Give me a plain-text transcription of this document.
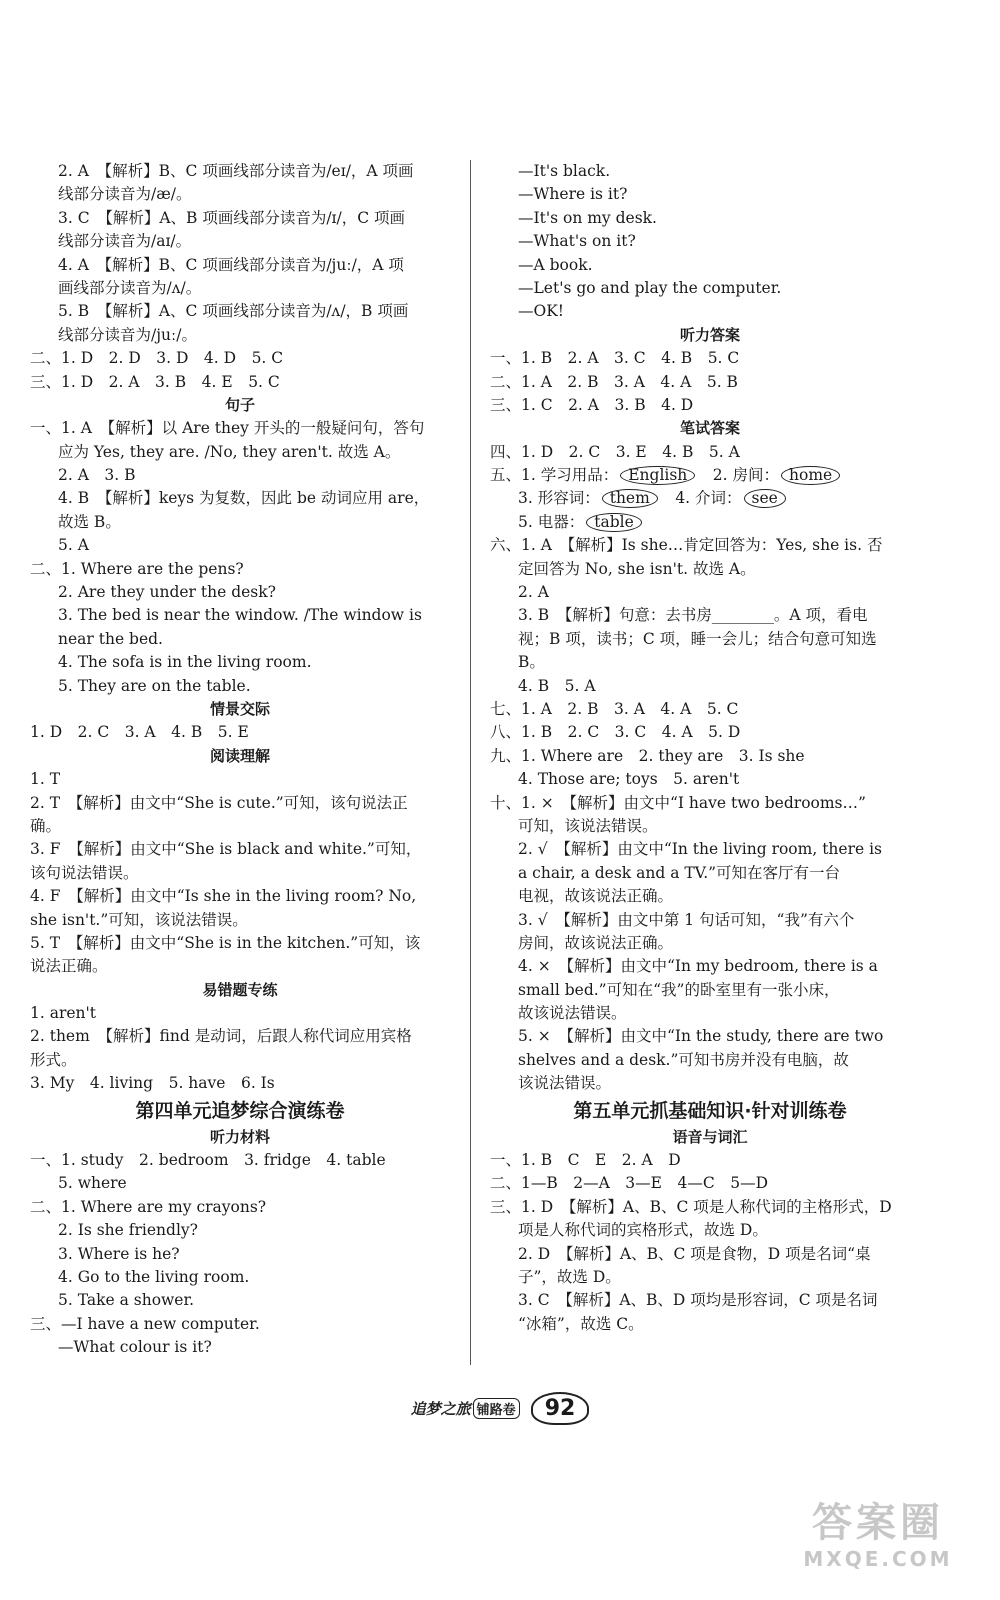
2. A　【解析】B、C 项画线部分读音为/eɪ/，A 项画
线部分读音为/æ/。
3. C　【解析】A、B 项画线部分读音为/ɪ/，C 项画
线部分读音为/aɪ/。
4. A　【解析】B、C 项画线部分读音为/juː/，A 项
画线部分读音为/ʌ/。
5. B　【解析】A、C 项画线部分读音为/ʌ/，B 项画
线部分读音为/juː/。
二、1. D　2. D　3. D　4. D　5. C
三、1. D　2. A　3. B　4. E　5. C
句子
一、1. A　【解析】以 Are they 开头的一般疑问句，答句
应为 Yes, they are. /No, they aren't. 故选 A。
2. A　3. B
4. B　【解析】keys 为复数，因此 be 动词应用 are，
故选 B。
5. A
二、1. Where are the pens?
2. Are they under the desk?
3. The bed is near the window. /The window is
near the bed.
4. The sofa is in the living room.
5. They are on the table.
情景交际
1. D　2. C　3. A　4. B　5. E
阅读理解
1. T
2. T　【解析】由文中“She is cute.”可知，该句说法正
确。
3. F　【解析】由文中“She is black and white.”可知，
该句说法错误。
4. F　【解析】由文中“Is she in the living room? No,
she isn't.”可知，该说法错误。
5. T　【解析】由文中“She is in the kitchen.”可知，该
说法正确。
易错题专练
1. aren't
2. them　【解析】find 是动词，后跟人称代词应用宾格
形式。
3. My　4. living　5. have　6. Is
第四单元追梦综合演练卷
听力材料
一、1. study　2. bedroom　3. fridge　4. table
5. where
二、1. Where are my crayons?
2. Is she friendly?
3. Where is he?
4. Go to the living room.
5. Take a shower.
三、—I have a new computer.
—What colour is it?
—It's black.
—Where is it?
—It's on my desk.
—What's on it?
—A book.
—Let's go and play the computer.
—OK!
听力答案
一、1. B　2. A　3. C　4. B　5. C
二、1. A　2. B　3. A　4. A　5. B
三、1. C　2. A　3. B　4. D
笔试答案
四、1. D　2. C　3. E　4. B　5. A
五、1. 学习用品： English　2. 房间： home
3. 形容词： them　4. 介词： see
5. 电器： table
六、1. A　【解析】Is she…肯定回答为：Yes, she is. 否
定回答为 No, she isn't. 故选 A。
2. A
3. B　【解析】句意：去书房________。A 项，看电
视；B 项，读书；C 项，睡一会儿；结合句意可知选
B。
4. B　5. A
七、1. A　2. B　3. A　4. A　5. C
八、1. B　2. C　3. C　4. A　5. D
九、1. Where are　2. they are　3. Is she
4. Those are; toys　5. aren't
十、1. ×　【解析】由文中“I have two bedrooms…”
可知，该说法错误。
2. √　【解析】由文中“In the living room, there is
a chair, a desk and a TV.”可知在客厅有一台
电视，故该说法正确。
3. √　【解析】由文中第 1 句话可知，“我”有六个
房间，故该说法正确。
4. ×　【解析】由文中“In my bedroom, there is a
small bed.”可知在“我”的卧室里有一张小床，
故该说法错误。
5. ×　【解析】由文中“In the study, there are two
shelves and a desk.”可知书房并没有电脑，故
该说法错误。
第五单元抓基础知识·针对训练卷
语音与词汇
一、1. B　C　E　2. A　D
二、1—B　2—A　3—E　4—C　5—D
三、1. D　【解析】A、B、C 项是人称代词的主格形式，D
项是人称代词的宾格形式，故选 D。
2. D　【解析】A、B、C 项是食物，D 项是名词“桌
子”，故选 D。
3. C　【解析】A、B、D 项均是形容词，C 项是名词
“冰箱”，故选 C。
追梦之旅 铺路卷 92
答案圈
MXQE.COM
